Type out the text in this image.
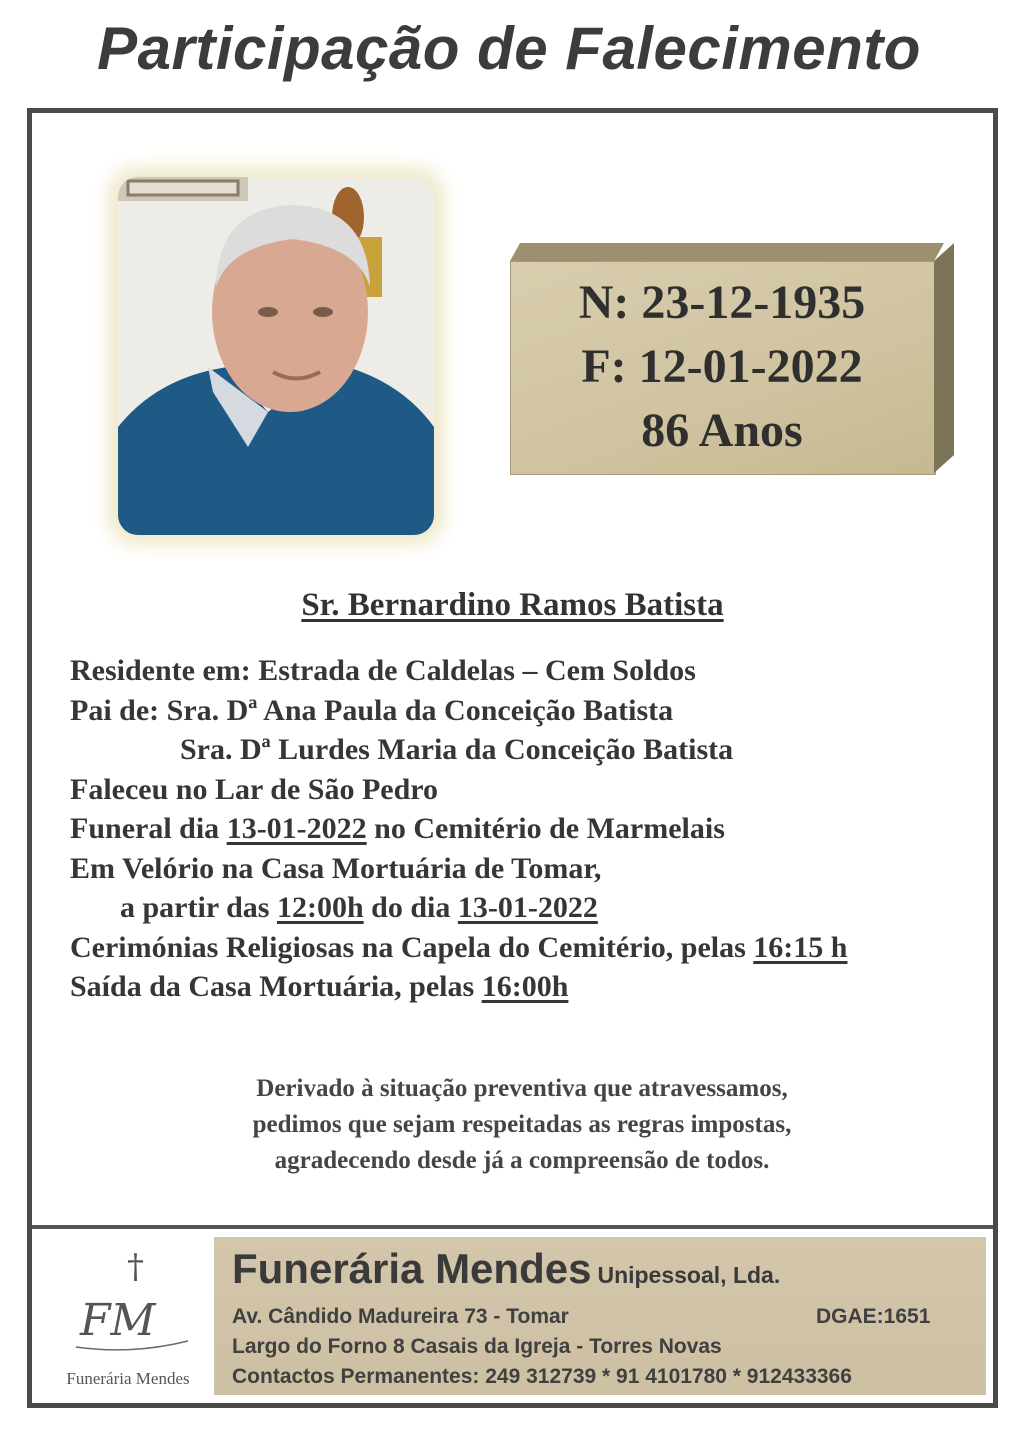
Participação de Falecimento
N: 23-12-1935
F: 12-01-2022
86 Anos
Sr. Bernardino Ramos Batista
Residente em: Estrada de Caldelas – Cem Soldos
Pai de: Sra. Dª Ana Paula da Conceição Batista
Sra. Dª Lurdes Maria da Conceição Batista
Faleceu no Lar de São Pedro
Funeral dia 13-01-2022 no Cemitério de Marmelais
Em Velório na Casa Mortuária de Tomar,
a partir das 12:00h do dia 13-01-2022
Cerimónias Religiosas na Capela do Cemitério, pelas 16:15 h
Saída da Casa Mortuária, pelas 16:00h
Derivado à situação preventiva que atravessamos,
pedimos que sejam respeitadas as regras impostas,
agradecendo desde já a compreensão de todos.
†
FM
Funerária Mendes
Funerária Mendes Unipessoal, Lda.
Av. Cândido Madureira 73 - Tomar	DGAE:1651
Largo do Forno 8 Casais da Igreja - Torres Novas
Contactos Permanentes: 249 312739 * 91 4101780 * 912433366
